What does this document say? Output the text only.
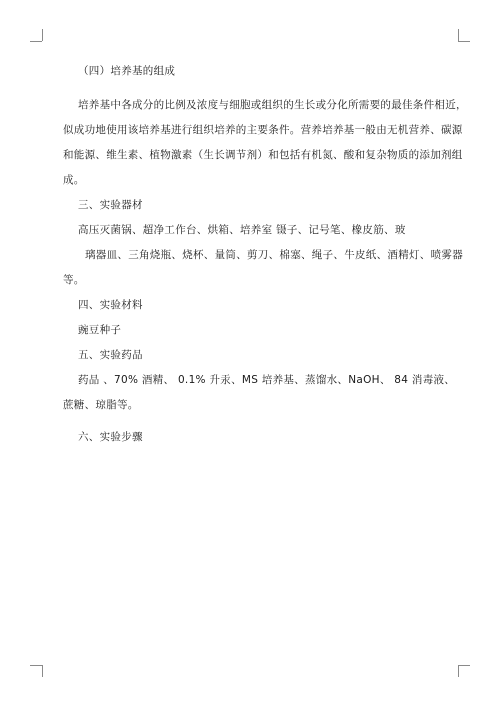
（四）培养基的组成
培养基中各成分的比例及浓度与细胞或组织的生长或分化所需要的最佳条件相近，
似成功地使用该培养基进行组织培养的主要条件。营养培养基一般由无机营养、碳源
和能源、维生素、植物激素（生长调节剂）和包括有机氮、酸和复杂物质的添加剂组
成。
三、实验器材
高压灭菌锅、超净工作台、烘箱、培养室 镊子、记号笔、橡皮筋、玻
璃器皿、三角烧瓶、烧杯、量筒、剪刀、棉塞、绳子、牛皮纸、酒精灯、喷雾器
等。
四、实验材料
豌豆种子
五、实验药品
药品 、70% 酒精、 0.1% 升汞、MS 培养基、蒸馏水、NaOH、 84 消毒液、
蔗糖、琼脂等。
六、实验步骤
